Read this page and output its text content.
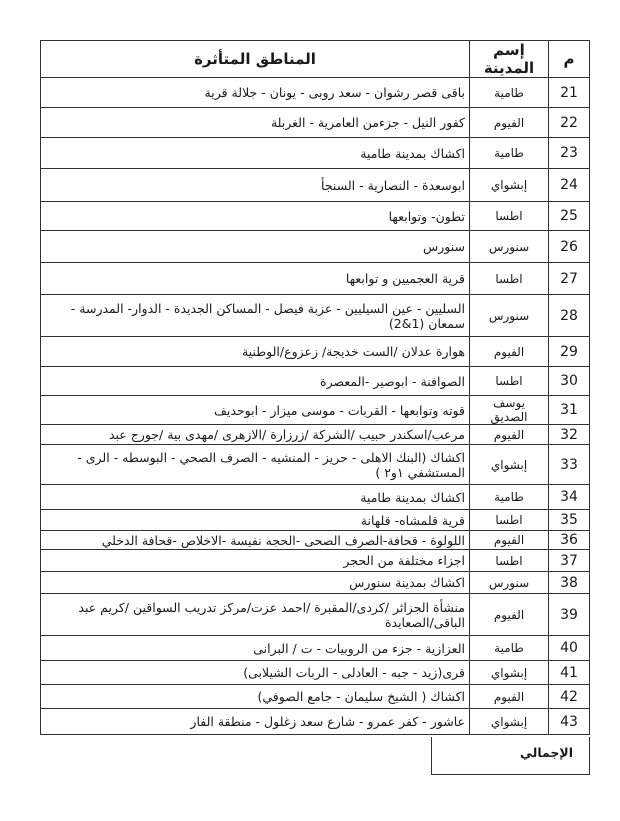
م	إسم المدينة	المناطق المتأثرة
21	طامية	باقى قصر رشوان - سعد روبى - يونان - جلالة قرية
22	الفيوم	كفور النيل - جزءمن العامرية - الغربلة
23	طامية	اكشاك بمدينة طامية
24	إبشواي	ابوسعدة - النصارية - السنجأ
25	اطسا	تطون- وتوابعها
26	سنورس	سنورس
27	اطسا	قرية العجميين و توابعها
28	سنورس	السليين - عين السيليين - عزبة فيصل - المساكن الجديدة - الدوار- المدرسة - سمعان (1&2)
29	الفيوم	هوارة عدلان /الست خديجة/ زعزوع/الوطنية
30	اطسا	الصوافنة - ابوصير -المعصرة
31	يوسف الصديق	قوته وتوابعها - القربات - موسى ميزار - ابوحديف
32	الفيوم	مرعب/اسكندر حبيب /الشركة /زرزارة /الازهرى /مهدى بية /جورج عبد
33	إبشواي	اكشاك (البنك الاهلى - حريز - المنشيه - الصرف الصحي - البوسطه - الرى - المستشفي ١و٢ )
34	طامية	اكشاك بمدينة طامية
35	اطسا	قرية قلمشاه- قلهانة
36	الفيوم	اللولوة - قحافة-الصرف الصحى -الحجه نفيسة -الاخلاص -قحافة الدخلي
37	اطسا	اجزاء مختلفة من الحجر
38	سنورس	اكشاك بمدينة سنورس
39	الفيوم	منشأة الجزائر /كردى/المقبرة /احمد عزت/مركز تدريب السواقين /كريم عبد الباقى/الصعايدة
40	طامية	العزازية - جزء من الروبيات - ت / البرانى
41	إبشواي	قرى(زيد - جبه - العادلى - الربات الشيلابى)
42	الفيوم	اكشاك ( الشيخ سليمان - جامع الصوفي)
43	إبشواي	عاشور - كفر عمرو - شارع سعد زغلول - منطقة الفار
الإجمالي
